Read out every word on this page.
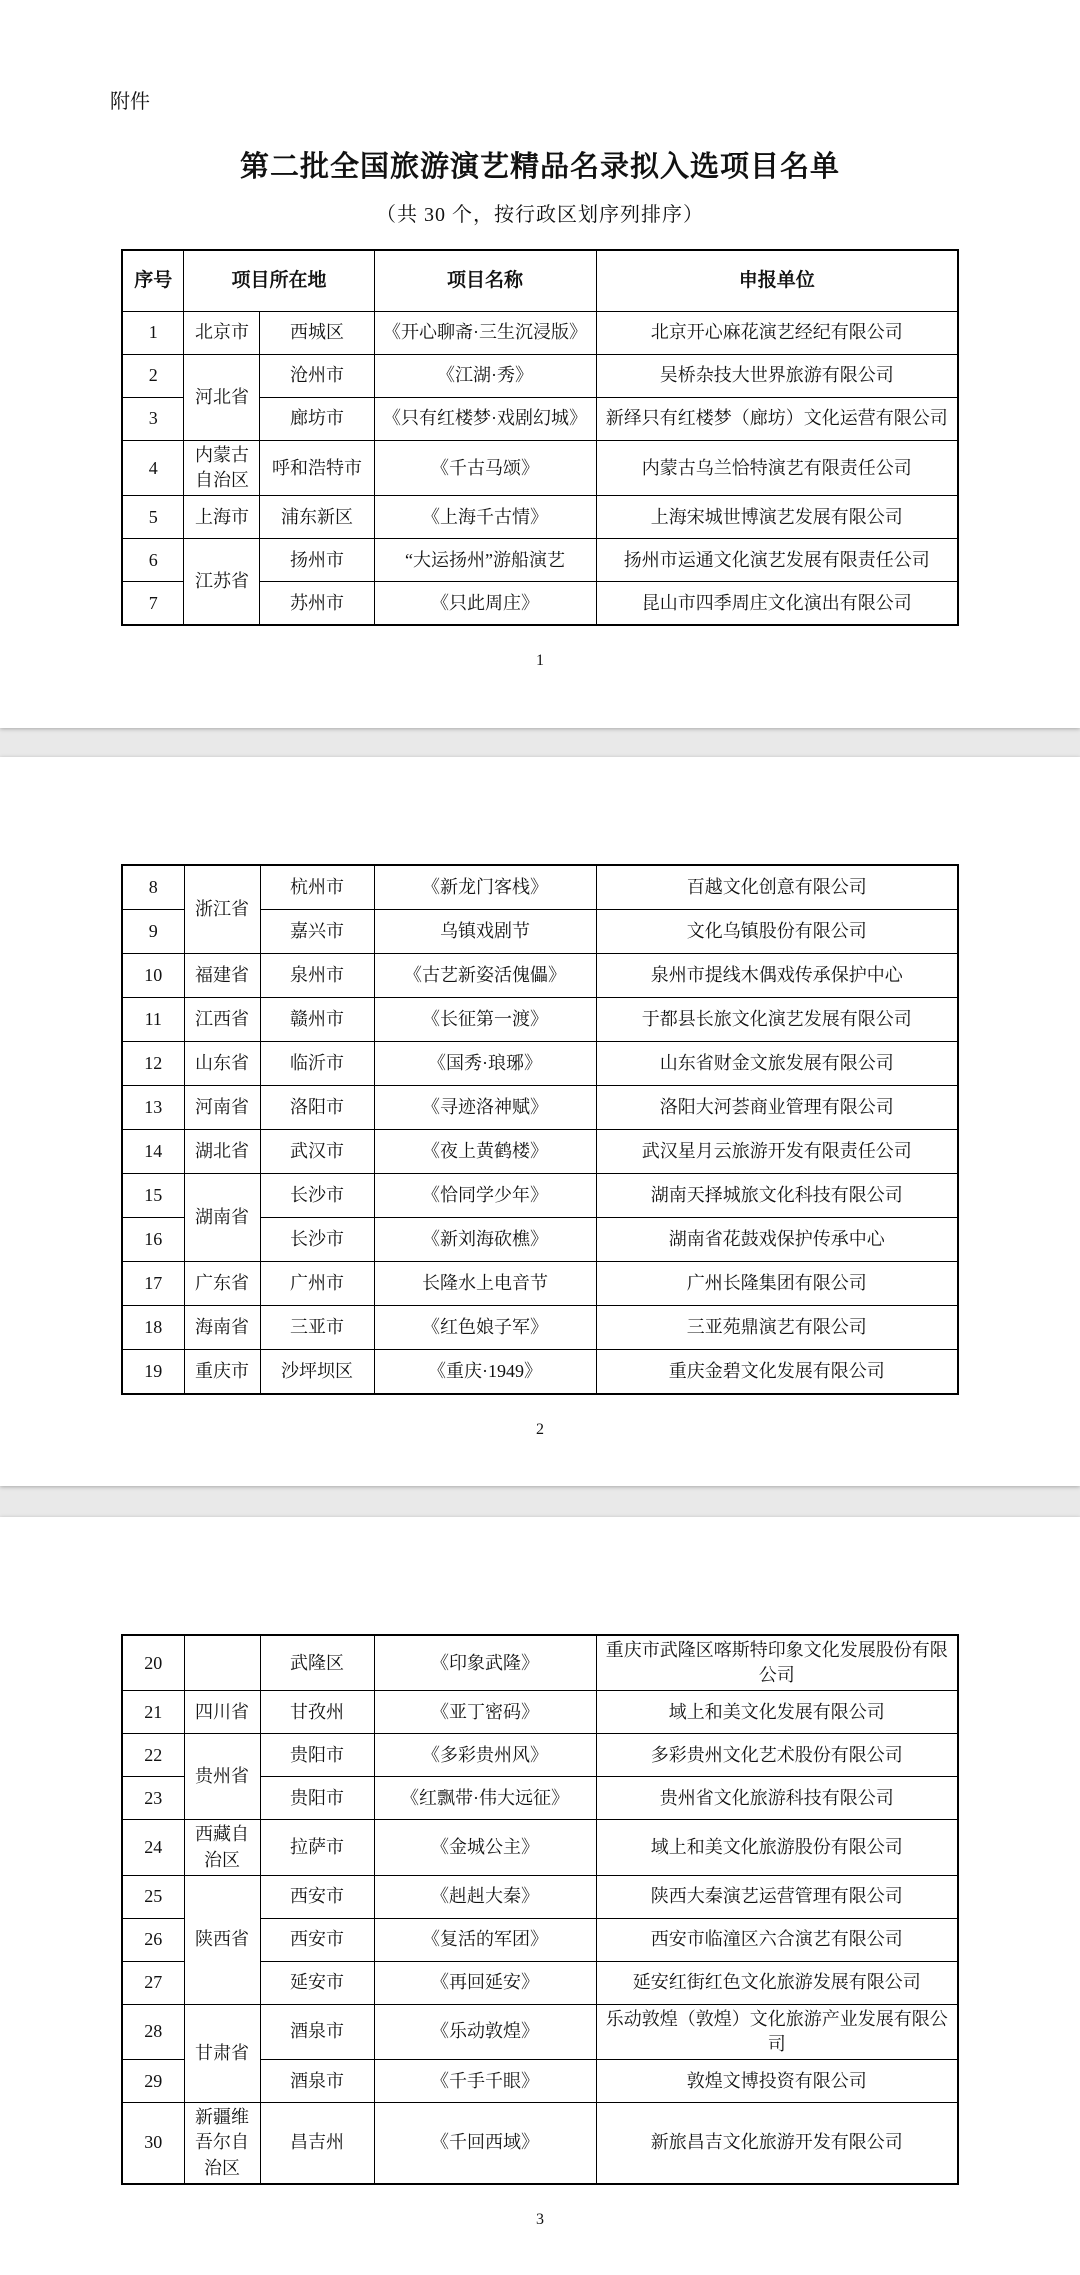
附件
第二批全国旅游演艺精品名录拟入选项目名单
（共 30 个，按行政区划序列排序）
序号	项目所在地		项目名称	申报单位
1	北京市	西城区	《开心聊斋·三生沉浸版》	北京开心麻花演艺经纪有限公司
2	河北省	沧州市	《江湖·秀》	吴桥杂技大世界旅游有限公司
3		廊坊市	《只有红楼梦·戏剧幻城》	新绎只有红楼梦（廊坊）文化运营有限公司
4	内蒙古自治区	呼和浩特市	《千古马颂》	内蒙古乌兰恰特演艺有限责任公司
5	上海市	浦东新区	《上海千古情》	上海宋城世博演艺发展有限公司
6	江苏省	扬州市	“大运扬州”游船演艺	扬州市运通文化演艺发展有限责任公司
7		苏州市	《只此周庄》	昆山市四季周庄文化演出有限公司
1
8	浙江省	杭州市	《新龙门客栈》	百越文化创意有限公司
9		嘉兴市	乌镇戏剧节	文化乌镇股份有限公司
10	福建省	泉州市	《古艺新姿活傀儡》	泉州市提线木偶戏传承保护中心
11	江西省	赣州市	《长征第一渡》	于都县长旅文化演艺发展有限公司
12	山东省	临沂市	《国秀·琅琊》	山东省财金文旅发展有限公司
13	河南省	洛阳市	《寻迹洛神赋》	洛阳大河荟商业管理有限公司
14	湖北省	武汉市	《夜上黄鹤楼》	武汉星月云旅游开发有限责任公司
15	湖南省	长沙市	《恰同学少年》	湖南天择城旅文化科技有限公司
16		长沙市	《新刘海砍樵》	湖南省花鼓戏保护传承中心
17	广东省	广州市	长隆水上电音节	广州长隆集团有限公司
18	海南省	三亚市	《红色娘子军》	三亚苑鼎演艺有限公司
19	重庆市	沙坪坝区	《重庆·1949》	重庆金碧文化发展有限公司
2
20		武隆区	《印象武隆》	重庆市武隆区喀斯特印象文化发展股份有限公司
21	四川省	甘孜州	《亚丁密码》	域上和美文化发展有限公司
22	贵州省	贵阳市	《多彩贵州风》	多彩贵州文化艺术股份有限公司
23		贵阳市	《红飘带·伟大远征》	贵州省文化旅游科技有限公司
24	西藏自治区	拉萨市	《金城公主》	域上和美文化旅游股份有限公司
25	陕西省	西安市	《赳赳大秦》	陕西大秦演艺运营管理有限公司
26		西安市	《复活的军团》	西安市临潼区六合演艺有限公司
27		延安市	《再回延安》	延安红街红色文化旅游发展有限公司
28	甘肃省	酒泉市	《乐动敦煌》	乐动敦煌（敦煌）文化旅游产业发展有限公司
29		酒泉市	《千手千眼》	敦煌文博投资有限公司
30	新疆维吾尔自治区	昌吉州	《千回西域》	新旅昌吉文化旅游开发有限公司
3
